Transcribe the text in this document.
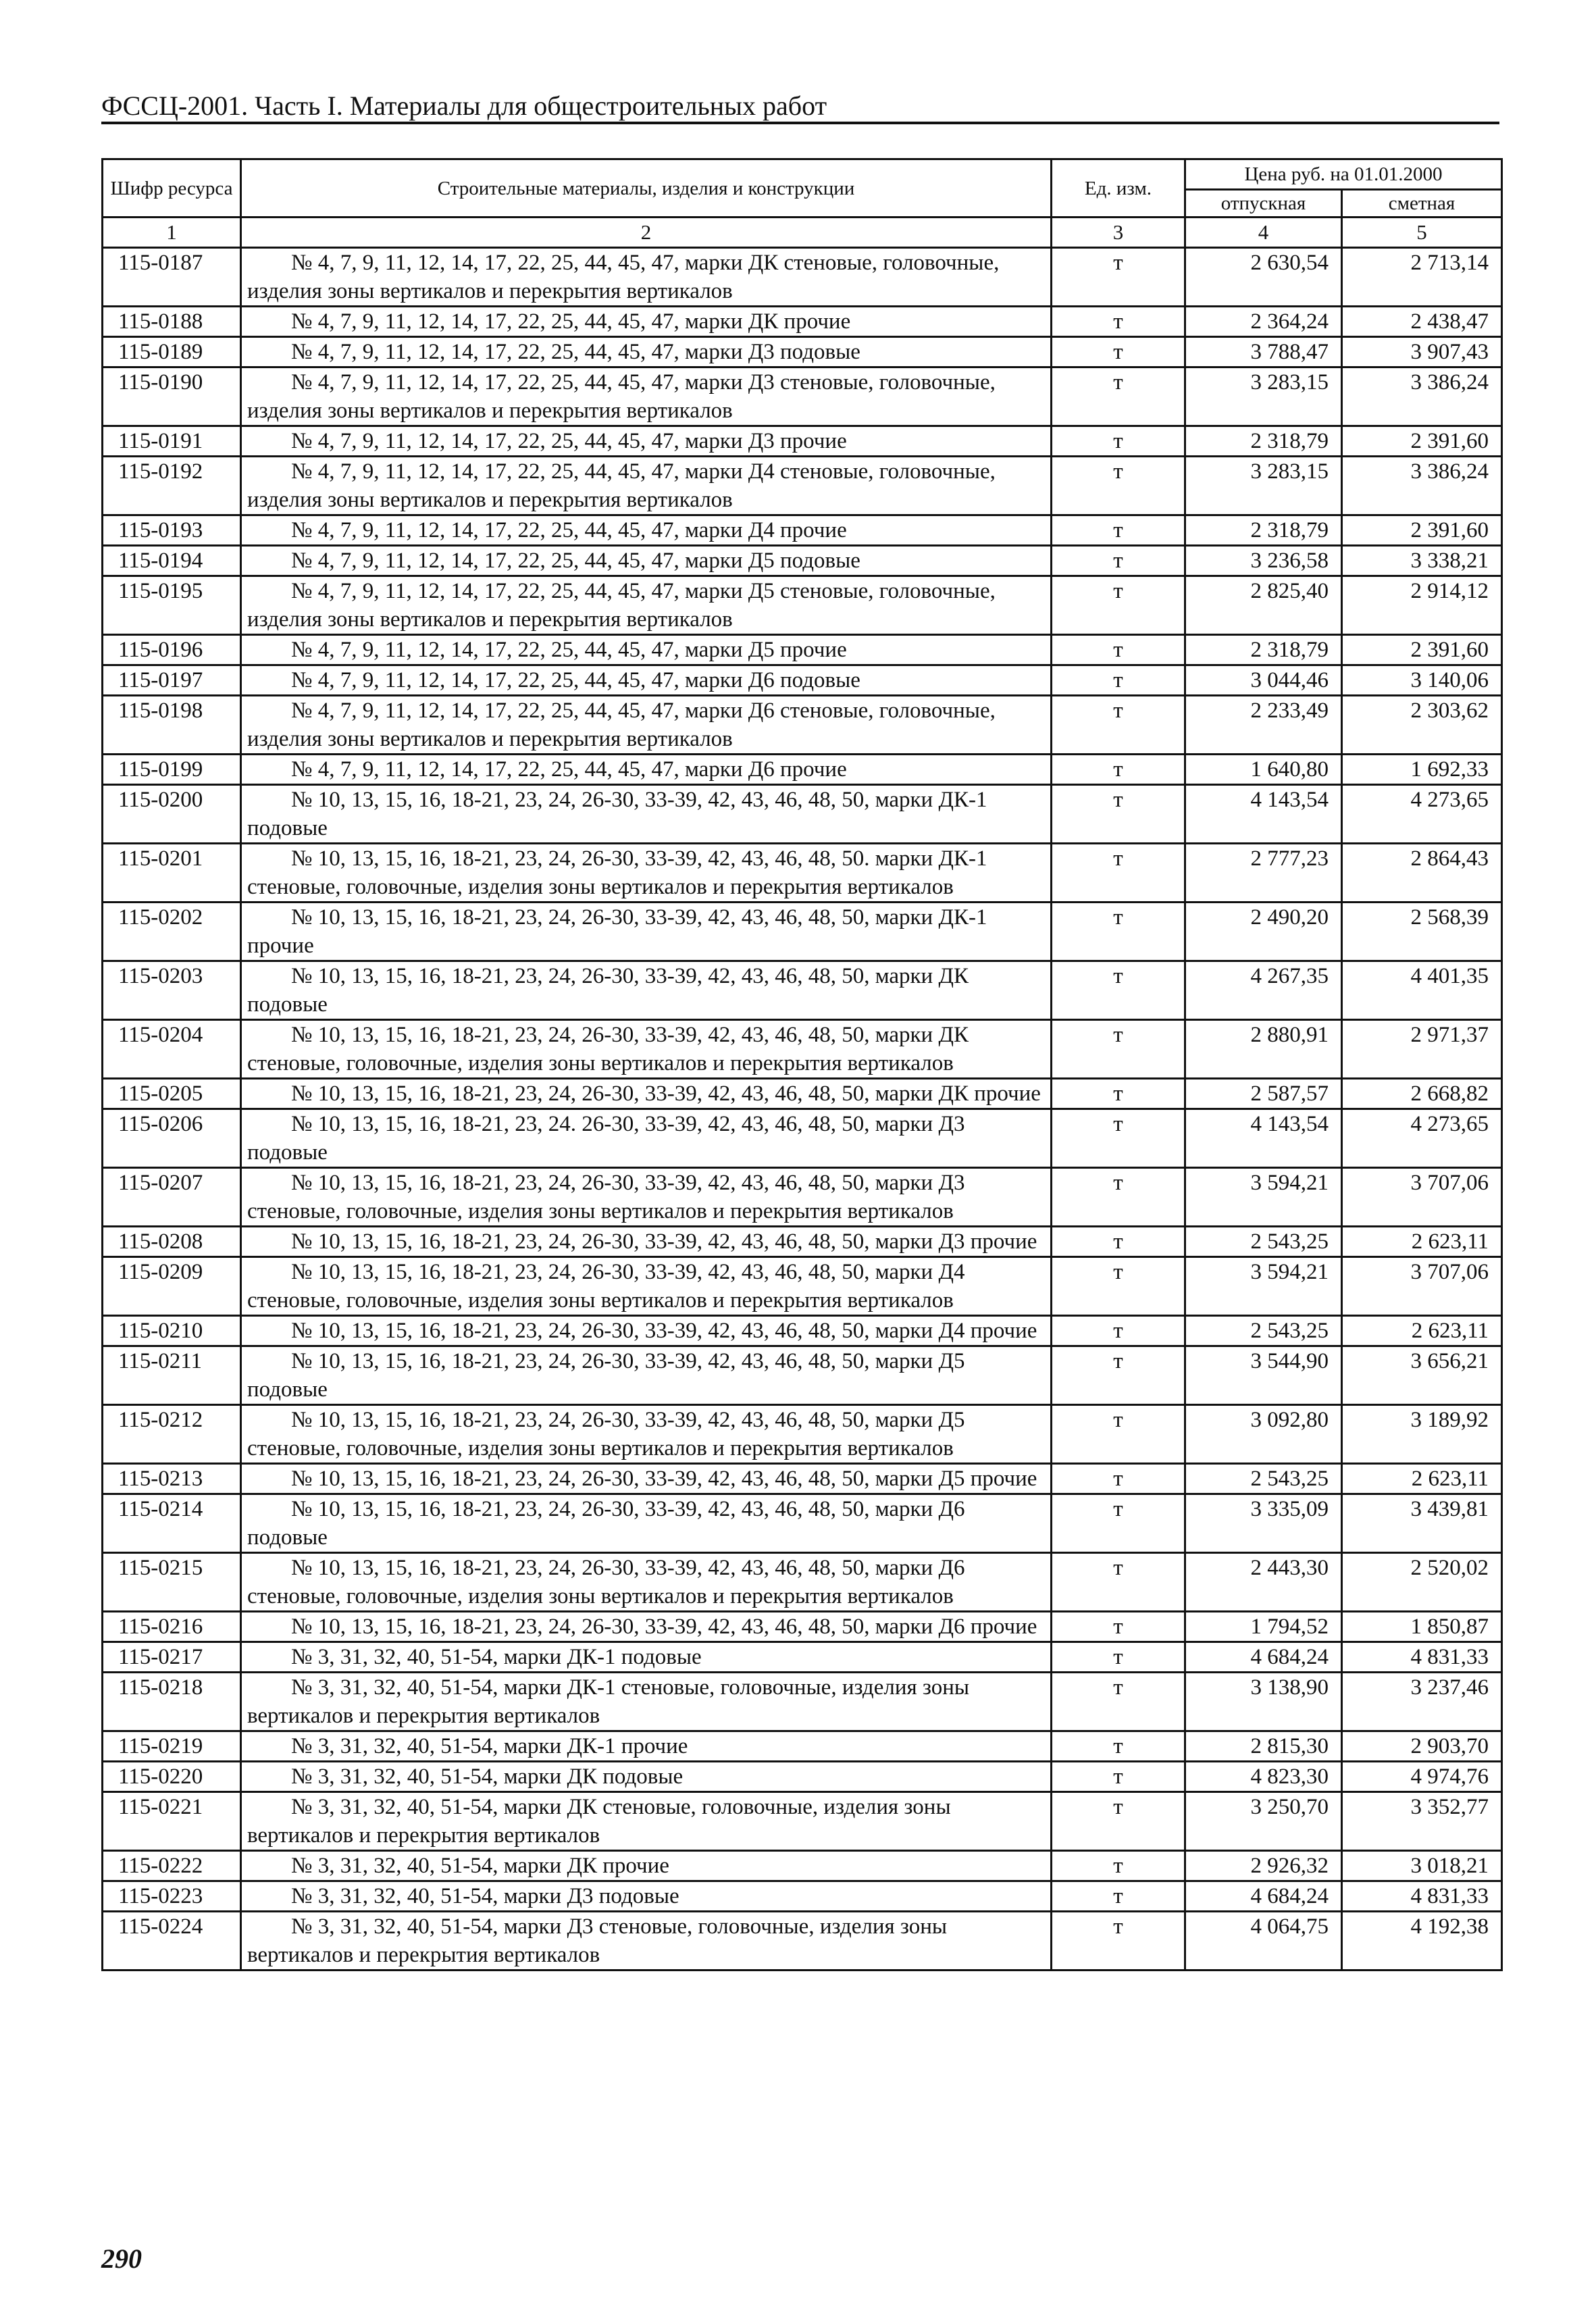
ФССЦ-2001. Часть I. Материалы для общестроительных работ
Шифр ресурса	Строительные материалы, изделия и конструкции	Ед. изм.	Цена руб. на 01.01.2000	
			отпускная	сметная
1	2	3	4	5
115-0187	№ 4, 7, 9, 11, 12, 14, 17, 22, 25, 44, 45, 47, марки ДК стеновые, головочные, изделия зоны вертикалов и перекрытия вертикалов	т	2 630,54	2 713,14
115-0188	№ 4, 7, 9, 11, 12, 14, 17, 22, 25, 44, 45, 47, марки ДК прочие	т	2 364,24	2 438,47
115-0189	№ 4, 7, 9, 11, 12, 14, 17, 22, 25, 44, 45, 47, марки Д3 подовые	т	3 788,47	3 907,43
115-0190	№ 4, 7, 9, 11, 12, 14, 17, 22, 25, 44, 45, 47, марки Д3 стеновые, головочные, изделия зоны вертикалов и перекрытия вертикалов	т	3 283,15	3 386,24
115-0191	№ 4, 7, 9, 11, 12, 14, 17, 22, 25, 44, 45, 47, марки Д3 прочие	т	2 318,79	2 391,60
115-0192	№ 4, 7, 9, 11, 12, 14, 17, 22, 25, 44, 45, 47, марки Д4 стеновые, головочные, изделия зоны вертикалов и перекрытия вертикалов	т	3 283,15	3 386,24
115-0193	№ 4, 7, 9, 11, 12, 14, 17, 22, 25, 44, 45, 47, марки Д4 прочие	т	2 318,79	2 391,60
115-0194	№ 4, 7, 9, 11, 12, 14, 17, 22, 25, 44, 45, 47, марки Д5 подовые	т	3 236,58	3 338,21
115-0195	№ 4, 7, 9, 11, 12, 14, 17, 22, 25, 44, 45, 47, марки Д5 стеновые, головочные, изделия зоны вертикалов и перекрытия вертикалов	т	2 825,40	2 914,12
115-0196	№ 4, 7, 9, 11, 12, 14, 17, 22, 25, 44, 45, 47, марки Д5 прочие	т	2 318,79	2 391,60
115-0197	№ 4, 7, 9, 11, 12, 14, 17, 22, 25, 44, 45, 47, марки Д6 подовые	т	3 044,46	3 140,06
115-0198	№ 4, 7, 9, 11, 12, 14, 17, 22, 25, 44, 45, 47, марки Д6 стеновые, головочные, изделия зоны вертикалов и перекрытия вертикалов	т	2 233,49	2 303,62
115-0199	№ 4, 7, 9, 11, 12, 14, 17, 22, 25, 44, 45, 47, марки Д6 прочие	т	1 640,80	1 692,33
115-0200	№ 10, 13, 15, 16, 18-21, 23, 24, 26-30, 33-39, 42, 43, 46, 48, 50, марки ДК-1 подовые	т	4 143,54	4 273,65
115-0201	№ 10, 13, 15, 16, 18-21, 23, 24, 26-30, 33-39, 42, 43, 46, 48, 50. марки ДК-1 стеновые, головочные, изделия зоны вертикалов и перекрытия вертикалов	т	2 777,23	2 864,43
115-0202	№ 10, 13, 15, 16, 18-21, 23, 24, 26-30, 33-39, 42, 43, 46, 48, 50, марки ДК-1 прочие	т	2 490,20	2 568,39
115-0203	№ 10, 13, 15, 16, 18-21, 23, 24, 26-30, 33-39, 42, 43, 46, 48, 50, марки ДК подовые	т	4 267,35	4 401,35
115-0204	№ 10, 13, 15, 16, 18-21, 23, 24, 26-30, 33-39, 42, 43, 46, 48, 50, марки ДК стеновые, головочные, изделия зоны вертикалов и перекрытия вертикалов	т	2 880,91	2 971,37
115-0205	№ 10, 13, 15, 16, 18-21, 23, 24, 26-30, 33-39, 42, 43, 46, 48, 50, марки ДК прочие	т	2 587,57	2 668,82
115-0206	№ 10, 13, 15, 16, 18-21, 23, 24. 26-30, 33-39, 42, 43, 46, 48, 50, марки Д3 подовые	т	4 143,54	4 273,65
115-0207	№ 10, 13, 15, 16, 18-21, 23, 24, 26-30, 33-39, 42, 43, 46, 48, 50, марки Д3 стеновые, головочные, изделия зоны вертикалов и перекрытия вертикалов	т	3 594,21	3 707,06
115-0208	№ 10, 13, 15, 16, 18-21, 23, 24, 26-30, 33-39, 42, 43, 46, 48, 50, марки Д3 прочие	т	2 543,25	2 623,11
115-0209	№ 10, 13, 15, 16, 18-21, 23, 24, 26-30, 33-39, 42, 43, 46, 48, 50, марки Д4 стеновые, головочные, изделия зоны вертикалов и перекрытия вертикалов	т	3 594,21	3 707,06
115-0210	№ 10, 13, 15, 16, 18-21, 23, 24, 26-30, 33-39, 42, 43, 46, 48, 50, марки Д4 прочие	т	2 543,25	2 623,11
115-0211	№ 10, 13, 15, 16, 18-21, 23, 24, 26-30, 33-39, 42, 43, 46, 48, 50, марки Д5 подовые	т	3 544,90	3 656,21
115-0212	№ 10, 13, 15, 16, 18-21, 23, 24, 26-30, 33-39, 42, 43, 46, 48, 50, марки Д5 стеновые, головочные, изделия зоны вертикалов и перекрытия вертикалов	т	3 092,80	3 189,92
115-0213	№ 10, 13, 15, 16, 18-21, 23, 24, 26-30, 33-39, 42, 43, 46, 48, 50, марки Д5 прочие	т	2 543,25	2 623,11
115-0214	№ 10, 13, 15, 16, 18-21, 23, 24, 26-30, 33-39, 42, 43, 46, 48, 50, марки Д6 подовые	т	3 335,09	3 439,81
115-0215	№ 10, 13, 15, 16, 18-21, 23, 24, 26-30, 33-39, 42, 43, 46, 48, 50, марки Д6 стеновые, головочные, изделия зоны вертикалов и перекрытия вертикалов	т	2 443,30	2 520,02
115-0216	№ 10, 13, 15, 16, 18-21, 23, 24, 26-30, 33-39, 42, 43, 46, 48, 50, марки Д6 прочие	т	1 794,52	1 850,87
115-0217	№ 3, 31, 32, 40, 51-54, марки ДК-1 подовые	т	4 684,24	4 831,33
115-0218	№ 3, 31, 32, 40, 51-54, марки ДК-1 стеновые, головочные, изделия зоны вертикалов и перекрытия вертикалов	т	3 138,90	3 237,46
115-0219	№ 3, 31, 32, 40, 51-54, марки ДК-1 прочие	т	2 815,30	2 903,70
115-0220	№ 3, 31, 32, 40, 51-54, марки ДК подовые	т	4 823,30	4 974,76
115-0221	№ 3, 31, 32, 40, 51-54, марки ДК стеновые, головочные, изделия зоны вертикалов и перекрытия вертикалов	т	3 250,70	3 352,77
115-0222	№ 3, 31, 32, 40, 51-54, марки ДК прочие	т	2 926,32	3 018,21
115-0223	№ 3, 31, 32, 40, 51-54, марки Д3 подовые	т	4 684,24	4 831,33
115-0224	№ 3, 31, 32, 40, 51-54, марки Д3 стеновые, головочные, изделия зоны вертикалов и перекрытия вертикалов	т	4 064,75	4 192,38
290
